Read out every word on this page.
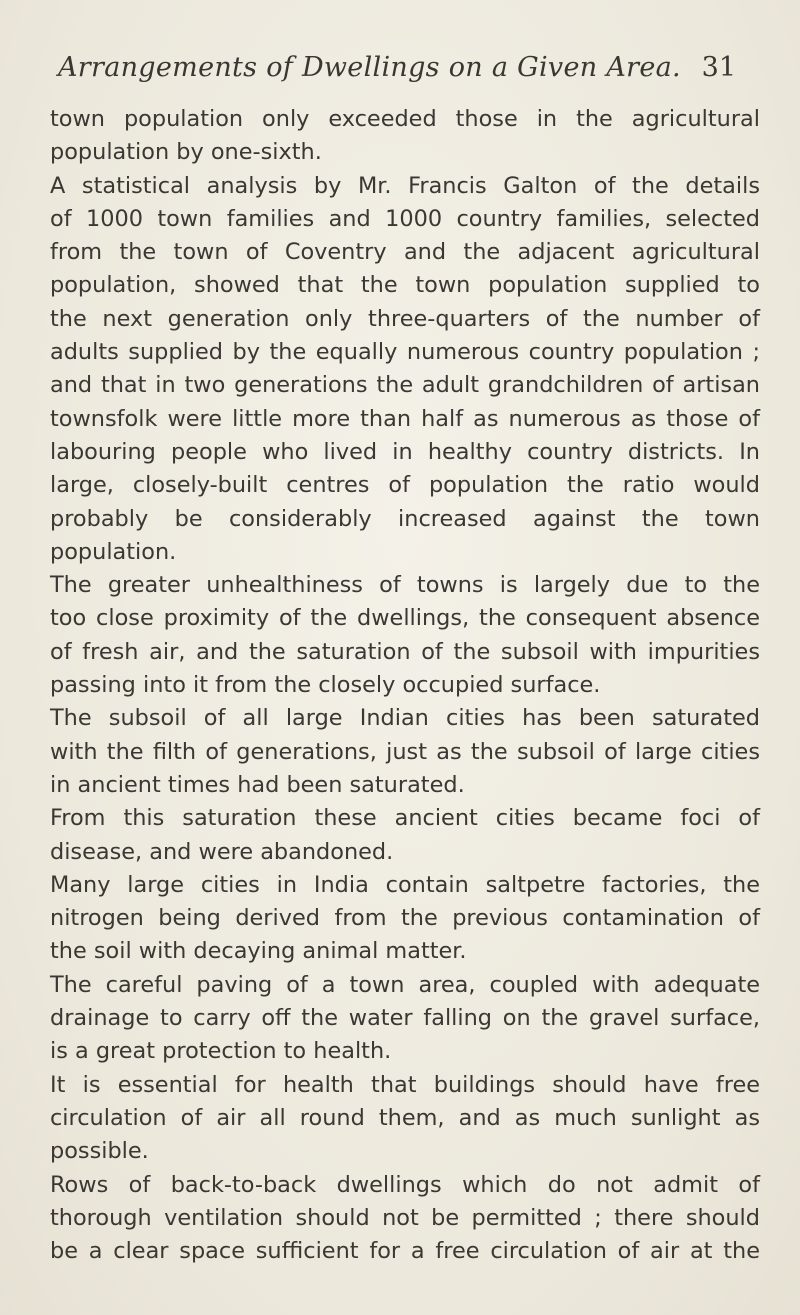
Arrangements of Dwellings on a Given Area. 31
town population only exceeded those in the agricultural
population by one-sixth.
A statistical analysis by Mr. Francis Galton of the details
of 1000 town families and 1000 country families, selected
from the town of Coventry and the adjacent agricultural
population, showed that the town population supplied to
the next generation only three-quarters of the number of
adults supplied by the equally numerous country population ;
and that in two generations the adult grandchildren of artisan
townsfolk were little more than half as numerous as those of
labouring people who lived in healthy country districts. In
large, closely-built centres of population the ratio would
probably be considerably increased against the town
population.
The greater unhealthiness of towns is largely due to the
too close proximity of the dwellings, the consequent absence
of fresh air, and the saturation of the subsoil with impurities
passing into it from the closely occupied surface.
The subsoil of all large Indian cities has been saturated
with the filth of generations, just as the subsoil of large cities
in ancient times had been saturated.
From this saturation these ancient cities became foci of
disease, and were abandoned.
Many large cities in India contain saltpetre factories, the
nitrogen being derived from the previous contamination of
the soil with decaying animal matter.
The careful paving of a town area, coupled with adequate
drainage to carry off the water falling on the gravel surface,
is a great protection to health.
It is essential for health that buildings should have free
circulation of air all round them, and as much sunlight as
possible.
Rows of back-to-back dwellings which do not admit of
thorough ventilation should not be permitted ; there should
be a clear space sufficient for a free circulation of air at the
